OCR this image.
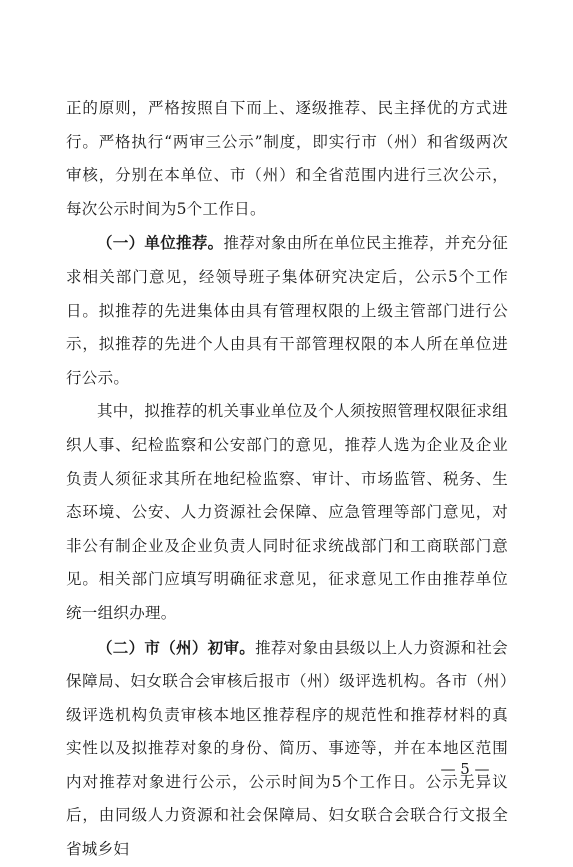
正的原则，严格按照自下而上、逐级推荐、民主择优的方式进行。严格执行“两审三公示”制度，即实行市（州）和省级两次审核，分别在本单位、市（州）和全省范围内进行三次公示，每次公示时间为5个工作日。

（一）单位推荐。推荐对象由所在单位民主推荐，并充分征求相关部门意见，经领导班子集体研究决定后，公示5个工作日。拟推荐的先进集体由具有管理权限的上级主管部门进行公示，拟推荐的先进个人由具有干部管理权限的本人所在单位进行公示。

其中，拟推荐的机关事业单位及个人须按照管理权限征求组织人事、纪检监察和公安部门的意见，推荐人选为企业及企业负责人须征求其所在地纪检监察、审计、市场监管、税务、生态环境、公安、人力资源社会保障、应急管理等部门意见，对非公有制企业及企业负责人同时征求统战部门和工商联部门意见。相关部门应填写明确征求意见，征求意见工作由推荐单位统一组织办理。

（二）市（州）初审。推荐对象由县级以上人力资源和社会保障局、妇女联合会审核后报市（州）级评选机构。各市（州）级评选机构负责审核本地区推荐程序的规范性和推荐材料的真实性以及拟推荐对象的身份、简历、事迹等，并在本地区范围内对推荐对象进行公示，公示时间为5个工作日。公示无异议后，由同级人力资源和社会保障局、妇女联合会联合行文报全省城乡妇

— 5 —
